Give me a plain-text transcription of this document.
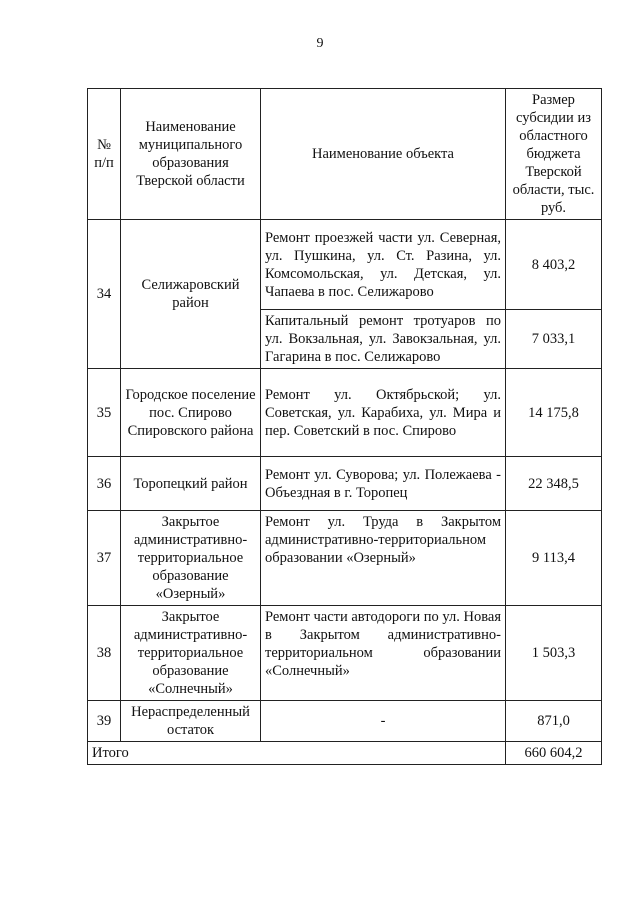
9
№ п/п	Наименование муниципального образования Тверской области	Наименование объекта	Размер субсидии из областного бюджета Тверской области, тыс. руб.
34	Селижаровский район	Ремонт проезжей части ул. Северная, ул. Пушкина, ул. Ст. Разина, ул. Комсомольская, ул. Детская, ул. Чапаева в пос. Селижарово	8 403,2
		Капитальный ремонт тротуаров по ул. Вокзальная, ул. Завокзальная, ул. Гагарина в пос. Селижарово	7 033,1
35	Городское поселение пос. Спирово Спировского района	Ремонт ул. Октябрьской; ул. Советская, ул. Карабиха, ул. Мира и пер. Советский в пос. Спирово	14 175,8
36	Торопецкий район	Ремонт ул. Суворова; ул. Полежаева - Объездная в г. Торопец	22 348,5
37	Закрытое административно-территориальное образование «Озерный»	Ремонт ул. Труда в Закрытом административно-территориальном образовании «Озерный»	9 113,4
38	Закрытое административно-территориальное образование «Солнечный»	Ремонт части автодороги по ул. Новая в Закрытом административно-территориальном образовании «Солнечный»	1 503,3
39	Нераспределенный остаток	-	871,0
Итого			660 604,2
